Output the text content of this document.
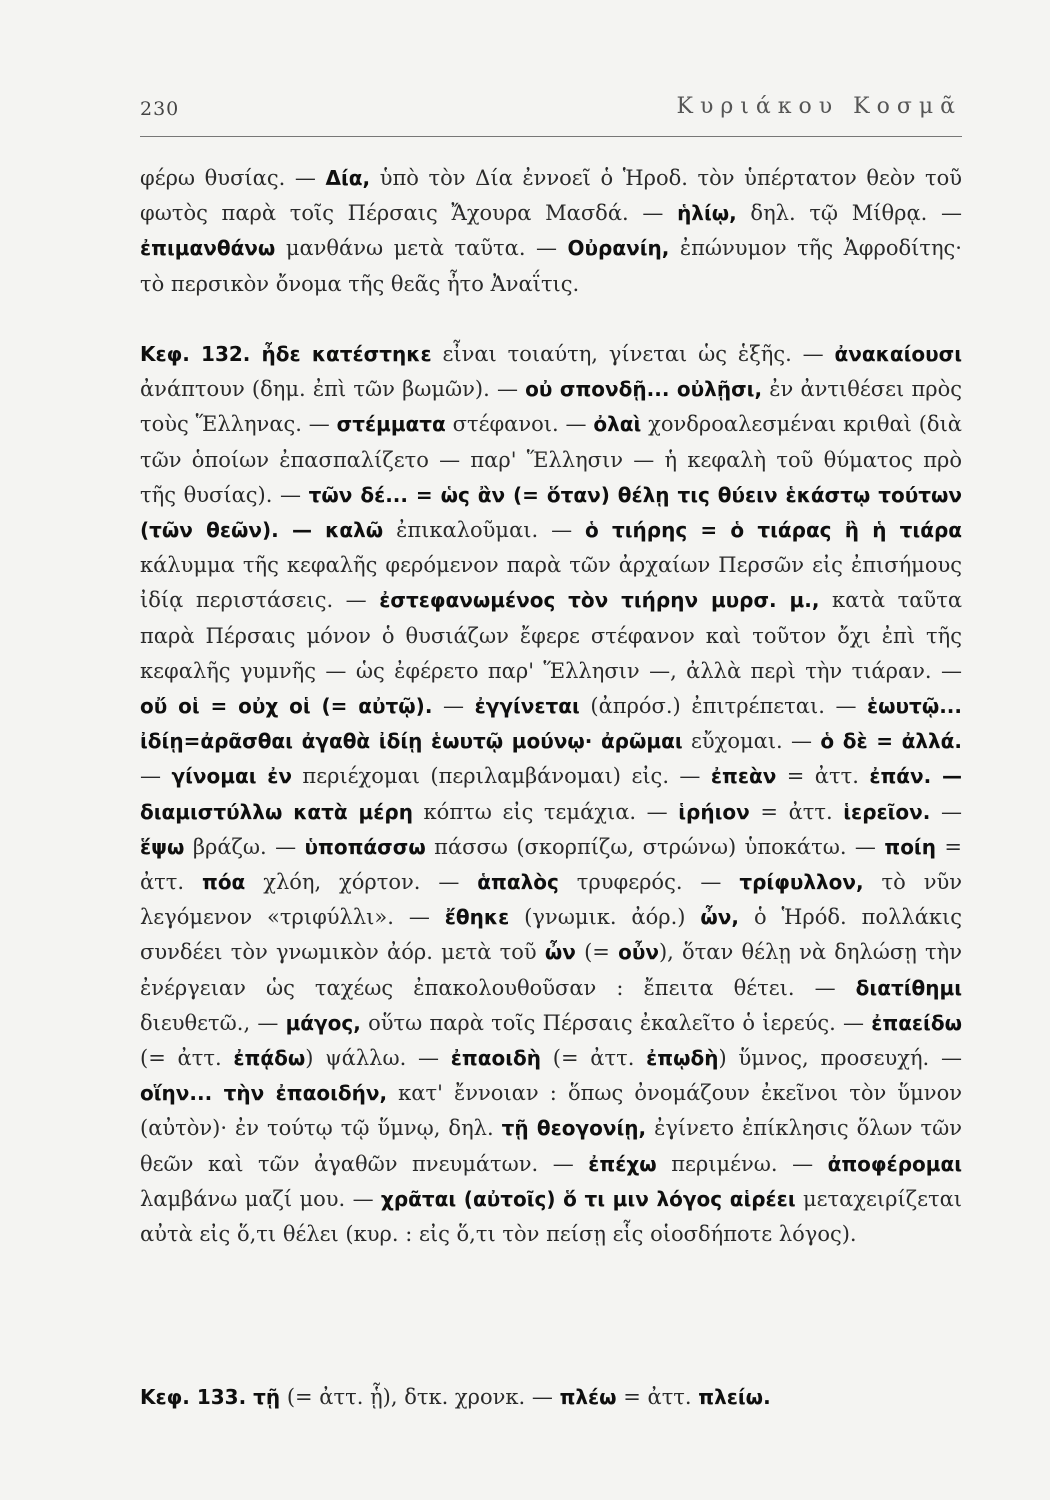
230	Κυριάκου Κοσμᾶ

φέρω θυσίας. — Δία, ὑπὸ τὸν Δία ἐννοεῖ ὁ Ἡροδ. τὸν ὑπέρτατον θεὸν τοῦ φωτὸς παρὰ τοῖς Πέρσαις Ἄχουρα Μασδά. — ἡλίῳ, δηλ. τῷ Μίθρᾳ. — ἐπιμανθάνω μανθάνω μετὰ ταῦτα. — Οὐρανίη, ἐπώνυμον τῆς Ἀφροδίτης· τὸ περσικὸν ὄνομα τῆς θεᾶς ἦτο Ἀναΐτις.

Κεφ. 132. ἦδε κατέστηκε εἶναι τοιαύτη, γίνεται ὡς ἑξῆς. — ἀνακαίουσι ἀνάπτουν (δημ. ἐπὶ τῶν βωμῶν). — οὐ σπονδῇ... οὐλῇσι, ἐν ἀντιθέσει πρὸς τοὺς Ἕλληνας. — στέμματα στέφανοι. — ὀλαὶ χονδροαλεσμέναι κριθαὶ (διὰ τῶν ὁποίων ἐπασπαλίζετο — παρ' Ἕλλησιν — ἡ κεφαλὴ τοῦ θύματος πρὸ τῆς θυσίας). — τῶν δέ... = ὡς ἂν (= ὅταν) θέλῃ τις θύειν ἑκάστῳ τούτων (τῶν θεῶν). — καλῶ ἐπικαλοῦμαι. — ὁ τιήρης = ὁ τιάρας ἢ ἡ τιάρα κάλυμμα τῆς κεφαλῆς φερόμενον παρὰ τῶν ἀρχαίων Περσῶν εἰς ἐπισήμους ἰδίᾳ περιστάσεις. — ἐστεφανωμένος τὸν τιήρην μυρσ. μ., κατὰ ταῦτα παρὰ Πέρσαις μόνον ὁ θυσιάζων ἔφερε στέφανον καὶ τοῦτον ὄχι ἐπὶ τῆς κεφαλῆς γυμνῆς — ὡς ἐφέρετο παρ' Ἕλλησιν —, ἀλλὰ περὶ τὴν τιάραν. — οὔ οἱ = οὐχ οἱ (= αὐτῷ). — ἐγγίνεται (ἀπρόσ.) ἐπιτρέπεται. — ἑωυτῷ... ἰδίῃ=ἀρᾶσθαι ἀγαθὰ ἰδίῃ ἑωυτῷ μούνῳ· ἀρῶμαι εὔχομαι. — ὁ δὲ = ἀλλά. — γίνομαι ἐν περιέχομαι (περιλαμβάνομαι) εἰς. — ἐπεὰν = ἀττ. ἐπάν. — διαμιστύλλω κατὰ μέρη κόπτω εἰς τεμάχια. — ἱρήιον = ἀττ. ἱερεῖον. — ἕψω βράζω. — ὑποπάσσω πάσσω (σκορπίζω, στρώνω) ὑποκάτω. — ποίη = ἀττ. πόα χλόη, χόρτον. — ἁπαλὸς τρυφερός. — τρίφυλλον, τὸ νῦν λεγόμενον «τριφύλλι». — ἔθηκε (γνωμικ. ἀόρ.) ὦν, ὁ Ἡρόδ. πολλάκις συνδέει τὸν γνωμικὸν ἀόρ. μετὰ τοῦ ὦν (= οὖν), ὅταν θέλῃ νὰ δηλώσῃ τὴν ἐνέργειαν ὡς ταχέως ἐπακολουθοῦσαν : ἔπειτα θέτει. — διατίθημι διευθετῶ., — μάγος, οὕτω παρὰ τοῖς Πέρσαις ἐκαλεῖτο ὁ ἱερεύς. — ἐπαείδω (= ἀττ. ἐπᾴδω) ψάλλω. — ἐπαοιδὴ (= ἀττ. ἐπῳδὴ) ὕμνος, προσευχή. — οἵην... τὴν ἐπαοιδήν, κατ' ἔννοιαν : ὅπως ὀνομάζουν ἐκεῖνοι τὸν ὕμνον (αὐτὸν)· ἐν τούτῳ τῷ ὕμνῳ, δηλ. τῇ θεογονίῃ, ἐγίνετο ἐπίκλησις ὅλων τῶν θεῶν καὶ τῶν ἀγαθῶν πνευμάτων. — ἐπέχω περιμένω. — ἀποφέρομαι λαμβάνω μαζί μου. — χρᾶται (αὐτοῖς) ὅ τι μιν λόγος αἱρέει μεταχειρίζεται αὐτὰ εἰς ὅ,τι θέλει (κυρ. : εἰς ὅ,τι τὸν πείσῃ εἷς οἱοσδήποτε λόγος).

Κεφ. 133. τῇ (= ἀττ. ᾗ), δτκ. χρονκ. — πλέω = ἀττ. πλείω.
